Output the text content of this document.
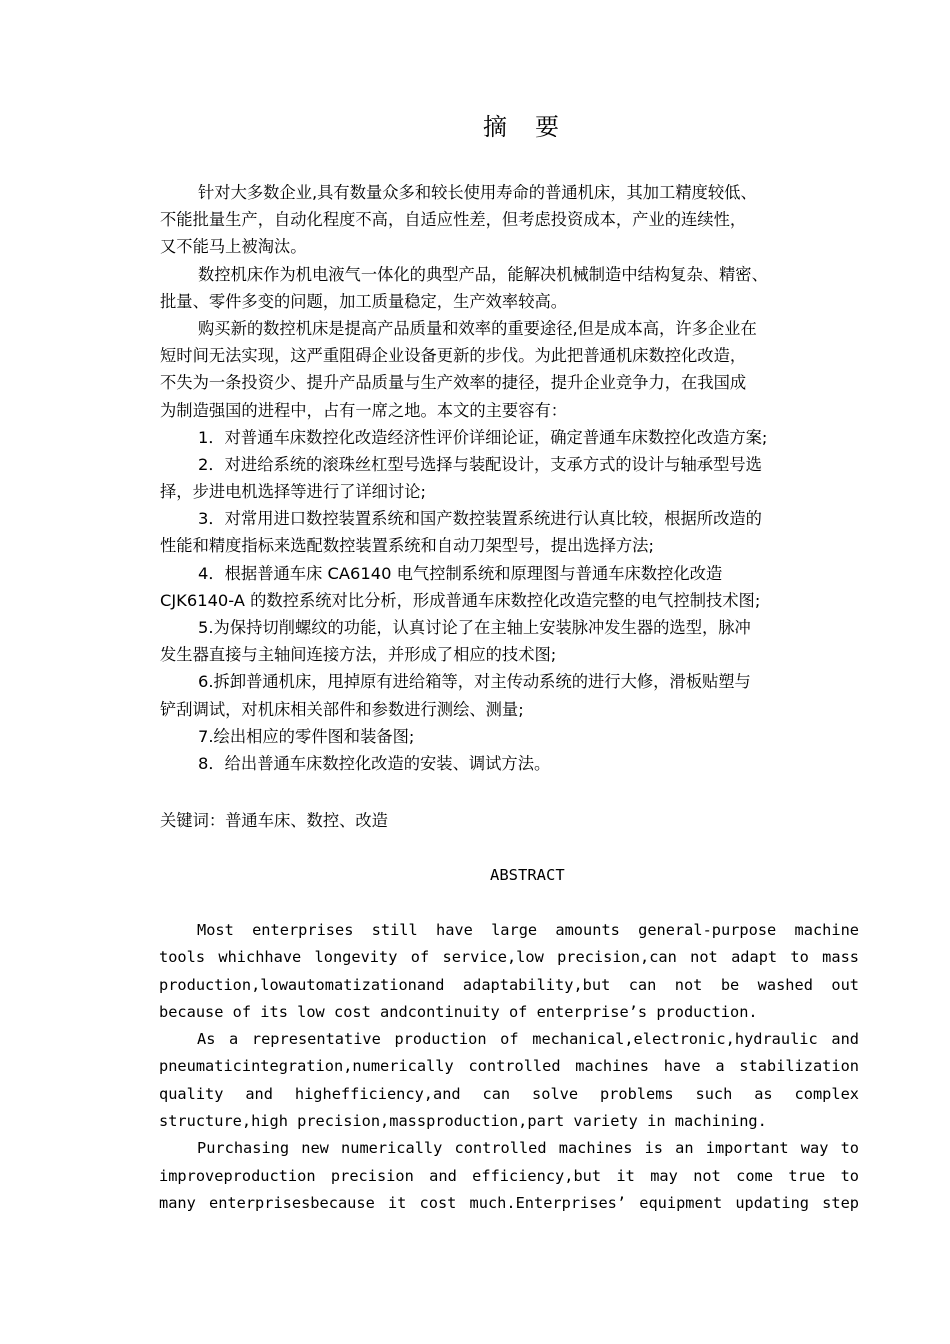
摘要
针对大多数企业,具有数量众多和较长使用寿命的普通机床，其加工精度较低、
不能批量生产，自动化程度不高，自适应性差，但考虑投资成本，产业的连续性，
又不能马上被淘汰。
数控机床作为机电液气一体化的典型产品，能解决机械制造中结构复杂、精密、
批量、零件多变的问题，加工质量稳定，生产效率较高。
购买新的数控机床是提高产品质量和效率的重要途径,但是成本高，许多企业在
短时间无法实现，这严重阻碍企业设备更新的步伐。为此把普通机床数控化改造，
不失为一条投资少、提升产品质量与生产效率的捷径，提升企业竞争力，在我国成
为制造强国的进程中，占有一席之地。本文的主要容有：
1．对普通车床数控化改造经济性评价详细论证，确定普通车床数控化改造方案;
2．对进给系统的滚珠丝杠型号选择与装配设计，支承方式的设计与轴承型号选
择，步进电机选择等进行了详细讨论;
3．对常用进口数控装置系统和国产数控装置系统进行认真比较，根据所改造的
性能和精度指标来选配数控装置系统和自动刀架型号，提出选择方法;
4．根据普通车床 CA6140 电气控制系统和原理图与普通车床数控化改造
CJK6140-A 的数控系统对比分析，形成普通车床数控化改造完整的电气控制技术图;
5.为保持切削螺纹的功能，认真讨论了在主轴上安装脉冲发生器的选型，脉冲
发生器直接与主轴间连接方法，并形成了相应的技术图;
6.拆卸普通机床，甩掉原有进给箱等，对主传动系统的进行大修，滑板贴塑与
铲刮调试，对机床相关部件和参数进行测绘、测量;
7.绘出相应的零件图和装备图;
8．给出普通车床数控化改造的安装、调试方法。
关键词：普通车床、数控、改造
ABSTRACT
Most enterprises still have large amounts general-purpose machine
tools whichhave longevity of service,low precision,can not adapt to mass
production,lowautomatizationand adaptability,but can not be washed out
because of its low cost andcontinuity of enterprise’s production.
As a representative production of mechanical,electronic,hydraulic and
pneumaticintegration,numerically controlled machines have a stabilization
quality and highefficiency,and can solve problems such as complex
structure,high precision,massproduction,part variety in machining.
Purchasing new numerically controlled machines is an important way to
improveproduction precision and efficiency,but it may not come true to
many enterprisesbecause it cost much.Enterprises’ equipment updating step
